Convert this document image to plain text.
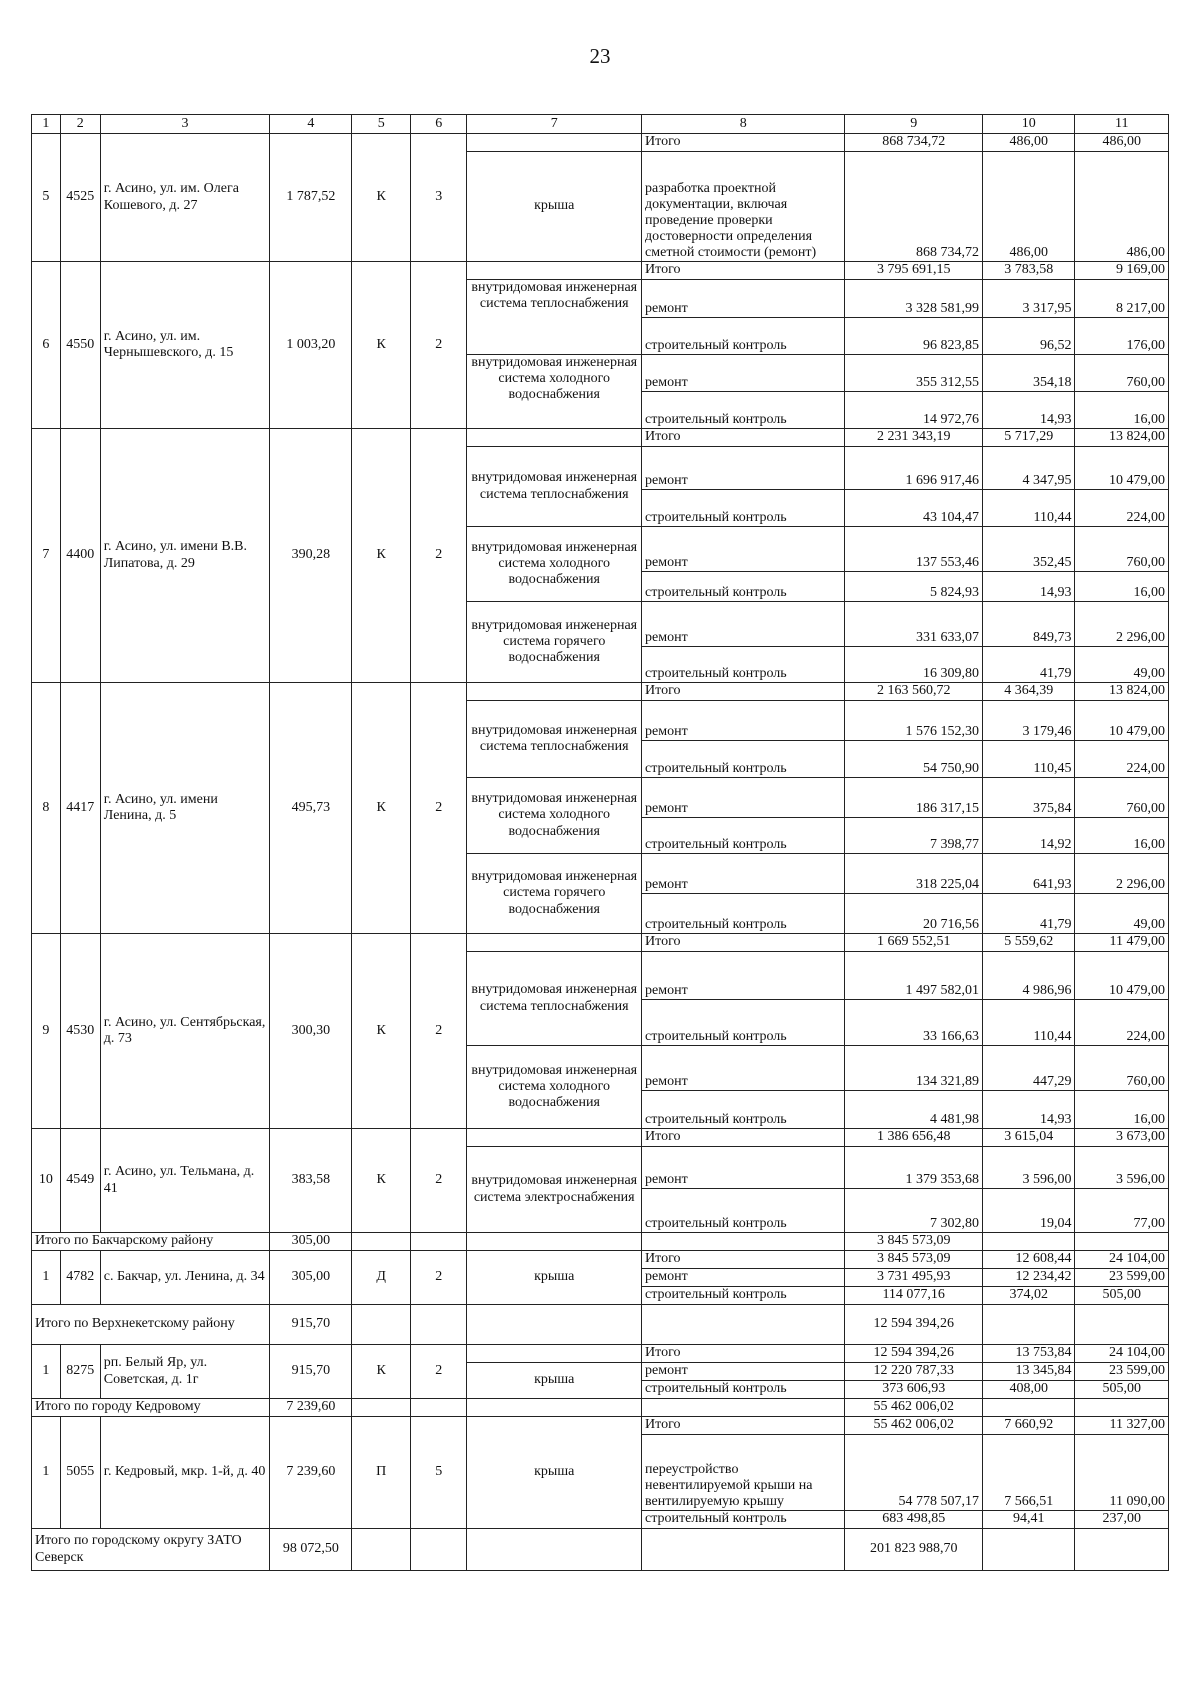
23
1	2	3	4	5	6	7	8	9	10	11
5	4525	г. Асино, ул. им. Олега Кошевого, д. 27	1 787,52	К	3		Итого	868 734,72	486,00	486,00
						крыша	разработка проектной документации, включая проведение проверки достоверности определения сметной стоимости (ремонт)	868 734,72	486,00	486,00
6	4550	г. Асино, ул. им. Чернышевского, д. 15	1 003,20	К	2		Итого	3 795 691,15	3 783,58	9 169,00
						внутридомовая инженерная система теплоснабжения	ремонт	3 328 581,99	3 317,95	8 217,00
							строительный контроль	96 823,85	96,52	176,00
						внутридомовая инженерная система холодного водоснабжения	ремонт	355 312,55	354,18	760,00
							строительный контроль	14 972,76	14,93	16,00
7	4400	г. Асино, ул. имени В.В. Липатова, д. 29	390,28	К	2		Итого	2 231 343,19	5 717,29	13 824,00
						внутридомовая инженерная система теплоснабжения	ремонт	1 696 917,46	4 347,95	10 479,00
							строительный контроль	43 104,47	110,44	224,00
						внутридомовая инженерная система холодного водоснабжения	ремонт	137 553,46	352,45	760,00
							строительный контроль	5 824,93	14,93	16,00
						внутридомовая инженерная система горячего водоснабжения	ремонт	331 633,07	849,73	2 296,00
							строительный контроль	16 309,80	41,79	49,00
8	4417	г. Асино, ул. имени Ленина, д. 5	495,73	К	2		Итого	2 163 560,72	4 364,39	13 824,00
						внутридомовая инженерная система теплоснабжения	ремонт	1 576 152,30	3 179,46	10 479,00
							строительный контроль	54 750,90	110,45	224,00
						внутридомовая инженерная система холодного водоснабжения	ремонт	186 317,15	375,84	760,00
							строительный контроль	7 398,77	14,92	16,00
						внутридомовая инженерная система горячего водоснабжения	ремонт	318 225,04	641,93	2 296,00
							строительный контроль	20 716,56	41,79	49,00
9	4530	г. Асино, ул. Сентябрьская, д. 73	300,30	К	2		Итого	1 669 552,51	5 559,62	11 479,00
						внутридомовая инженерная система теплоснабжения	ремонт	1 497 582,01	4 986,96	10 479,00
							строительный контроль	33 166,63	110,44	224,00
						внутридомовая инженерная система холодного водоснабжения	ремонт	134 321,89	447,29	760,00
							строительный контроль	4 481,98	14,93	16,00
10	4549	г. Асино, ул. Тельмана, д. 41	383,58	К	2		Итого	1 386 656,48	3 615,04	3 673,00
						внутридомовая инженерная система электроснабжения	ремонт	1 379 353,68	3 596,00	3 596,00
							строительный контроль	7 302,80	19,04	77,00
Итого по Бакчарскому району			305,00					3 845 573,09		
1	4782	с. Бакчар, ул. Ленина, д. 34	305,00	Д	2	крыша	Итого	3 845 573,09	12 608,44	24 104,00
							ремонт	3 731 495,93	12 234,42	23 599,00
							строительный контроль	114 077,16	374,02	505,00
Итого по Верхнекетскому району			915,70					12 594 394,26		
1	8275	рп. Белый Яр, ул. Советская, д. 1г	915,70	К	2		Итого	12 594 394,26	13 753,84	24 104,00
						крыша	ремонт	12 220 787,33	13 345,84	23 599,00
							строительный контроль	373 606,93	408,00	505,00
Итого по городу Кедровому			7 239,60					55 462 006,02		
1	5055	г. Кедровый, мкр. 1-й, д. 40	7 239,60	П	5	крыша	Итого	55 462 006,02	7 660,92	11 327,00
							переустройство невентилируемой крыши на вентилируемую крышу	54 778 507,17	7 566,51	11 090,00
							строительный контроль	683 498,85	94,41	237,00
Итого по городскому округу ЗАТО Северск			98 072,50					201 823 988,70		
